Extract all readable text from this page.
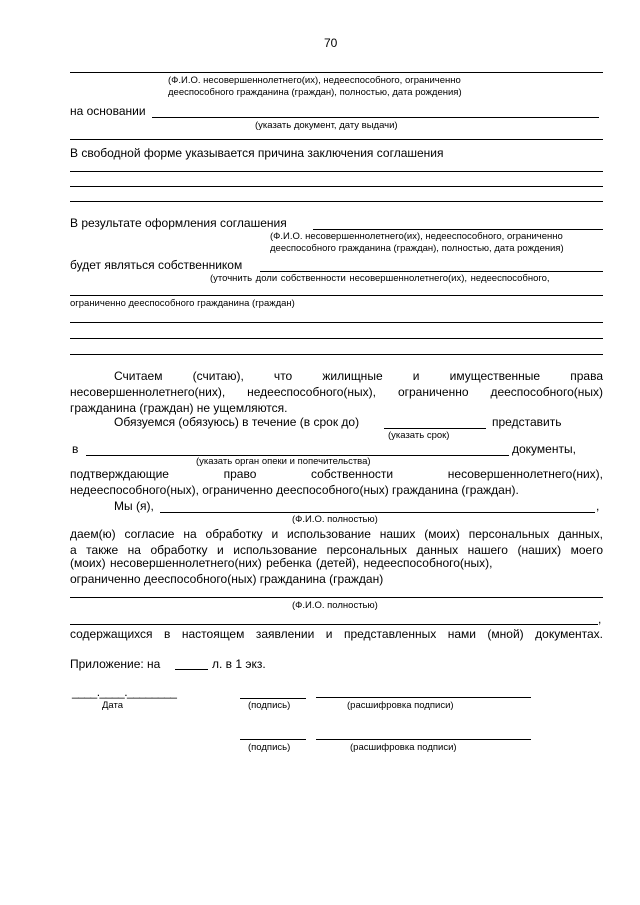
70
(Ф.И.О. несовершеннолетнего(их), недееспособного, ограниченно
дееспособного гражданина (граждан), полностью, дата рождения)
на основании
(указать документ, дату выдачи)
В свободной форме указывается причина заключения соглашения
В результате оформления соглашения
(Ф.И.О. несовершеннолетнего(их), недееспособного, ограниченно
дееспособного гражданина (граждан), полностью, дата рождения)
будет являться собственником
(уточнить доли собственности несовершеннолетнего(их), недееспособного,
ограниченно дееспособного гражданина (граждан)
Считаем (считаю), что жилищные и имущественные права
несовершеннолетнего(них), недееспособного(ных), ограниченно дееспособного(ных)
гражданина (граждан) не ущемляются.
Обязуемся (обязуюсь) в течение (в срок до)	представить
(указать срок)
в	документы,
(указать орган опеки и попечительства)
подтверждающие право собственности несовершеннолетнего(них),
недееспособного(ных), ограниченно дееспособного(ных) гражданина (граждан).
Мы (я),	,
(Ф.И.О. полностью)
даем(ю) согласие на обработку и использование наших (моих) персональных данных,
а также на обработку и использование персональных данных нашего (наших) моего
(моих) несовершеннолетнего(них) ребенка (детей), недееспособного(ных),
ограниченно дееспособного(ных) гражданина (граждан)
(Ф.И.О. полностью)
,
содержащихся в настоящем заявлении и представленных нами (мной) документах.
Приложение: на	л. в 1 экз.
____.____.________
Дата	(подпись)	(расшифровка подписи)
(подпись)	(расшифровка подписи)
